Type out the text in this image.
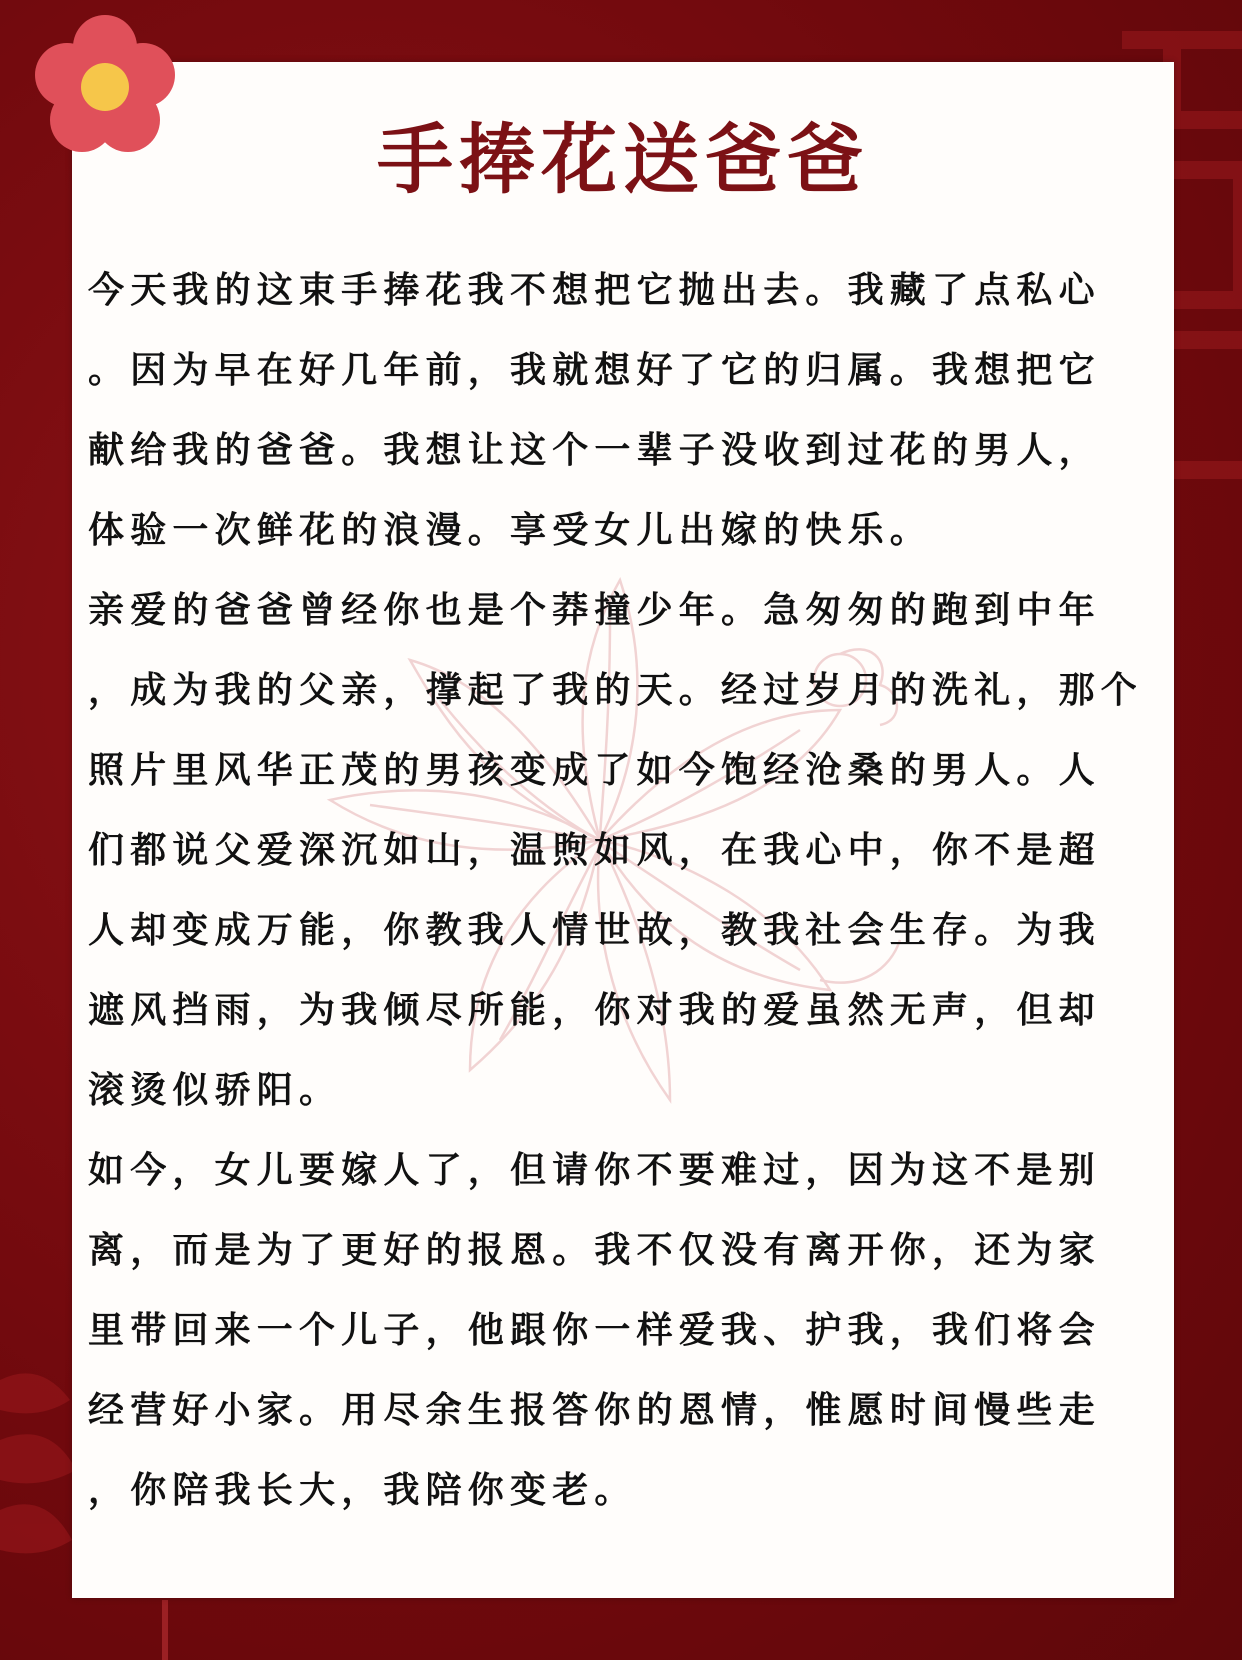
手捧花送爸爸

今天我的这束手捧花我不想把它抛出去。我藏了点私心
。因为早在好几年前，我就想好了它的归属。我想把它
献给我的爸爸。我想让这个一辈子没收到过花的男人，
体验一次鲜花的浪漫。享受女儿出嫁的快乐。

亲爱的爸爸曾经你也是个莽撞少年。急匆匆的跑到中年
，成为我的父亲，撑起了我的天。经过岁月的洗礼，那个
照片里风华正茂的男孩变成了如今饱经沧桑的男人。人
们都说父爱深沉如山，温煦如风，在我心中，你不是超
人却变成万能，你教我人情世故，教我社会生存。为我
遮风挡雨，为我倾尽所能，你对我的爱虽然无声，但却
滚烫似骄阳。

如今，女儿要嫁人了，但请你不要难过，因为这不是别
离，而是为了更好的报恩。我不仅没有离开你，还为家
里带回来一个儿子，他跟你一样爱我、护我，我们将会
经营好小家。用尽余生报答你的恩情，惟愿时间慢些走
，你陪我长大，我陪你变老。
